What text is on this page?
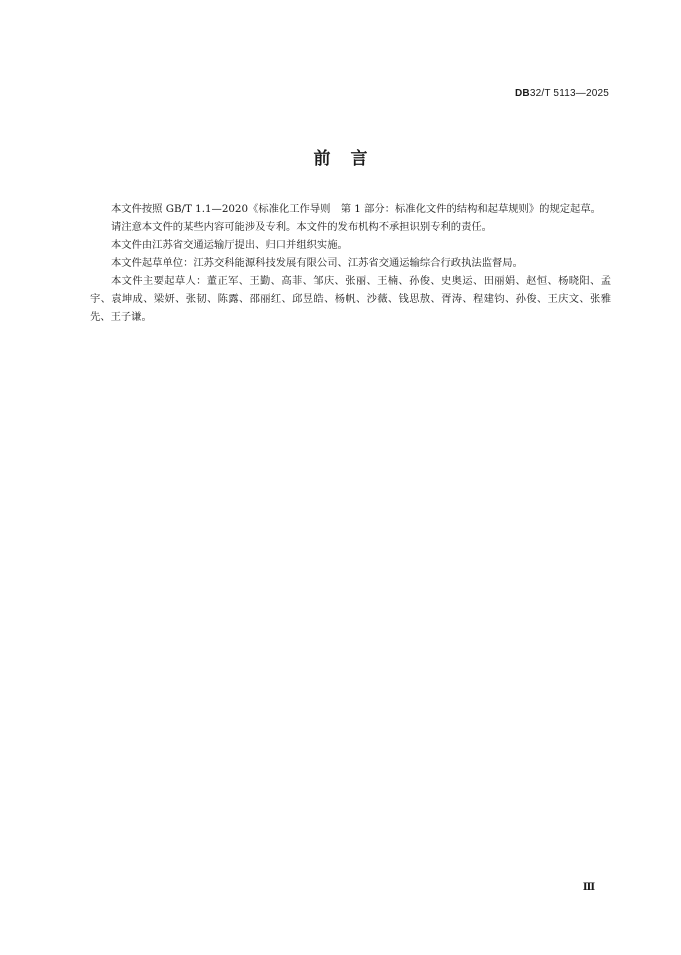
DB32/T 5113—2025
前言

本文件按照 GB/T 1.1—2020《标准化工作导则　第 1 部分：标准化文件的结构和起草规则》的规定起草。

请注意本文件的某些内容可能涉及专利。本文件的发布机构不承担识别专利的责任。

本文件由江苏省交通运输厅提出、归口并组织实施。

本文件起草单位：江苏交科能源科技发展有限公司、江苏省交通运输综合行政执法监督局。

本文件主要起草人：董正军、王勤、高菲、邹庆、张丽、王楠、孙俊、史奥运、田丽娟、赵恒、杨晓阳、孟宇、袁坤成、梁妍、张韧、陈露、邵丽红、邱昱皓、杨帆、沙薇、钱思敖、胥涛、程建钧、孙俊、王庆文、张雅先、王子谦。

Ⅲ
